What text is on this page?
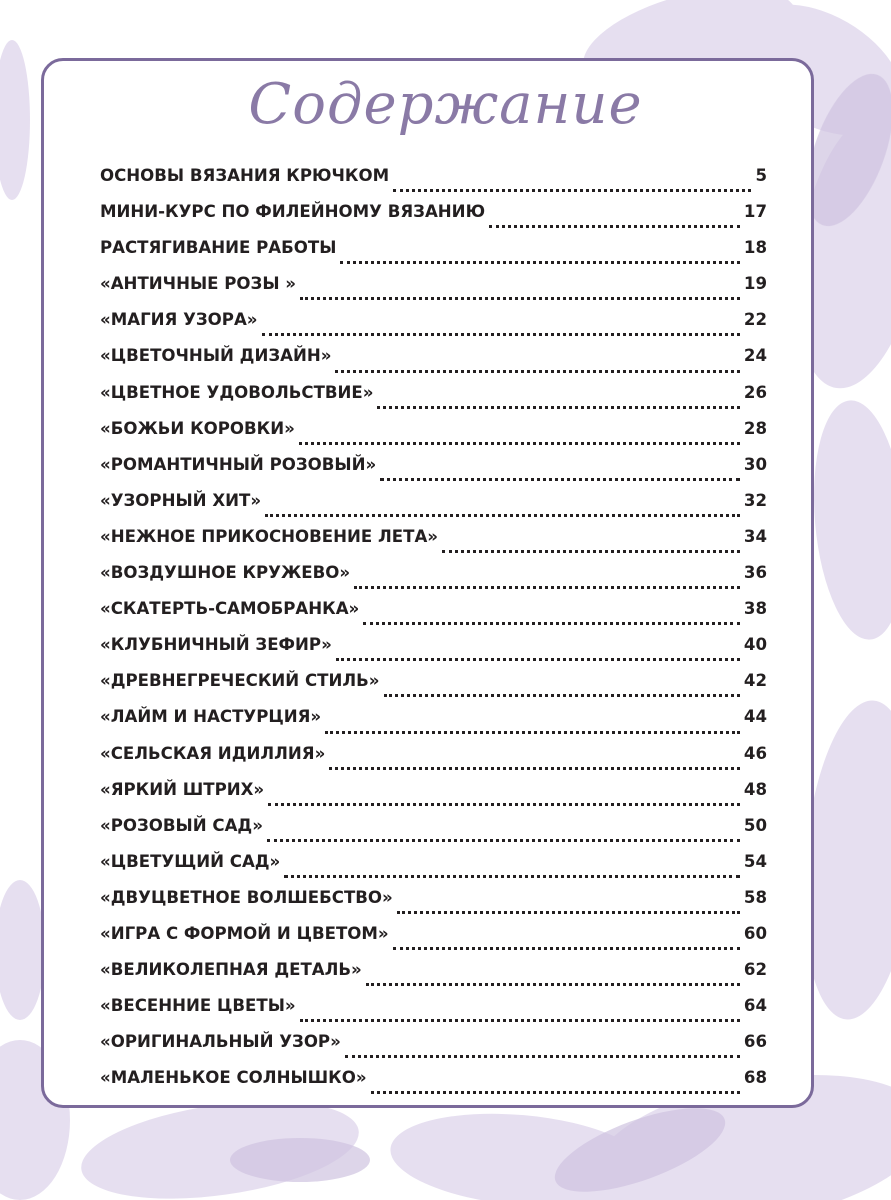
Содержание
ОСНОВЫ ВЯЗАНИЯ КРЮЧКОМ	5
МИНИ-КУРС ПО ФИЛЕЙНОМУ ВЯЗАНИЮ	17
РАСТЯГИВАНИЕ РАБОТЫ	18
«АНТИЧНЫЕ РОЗЫ »	19
«МАГИЯ УЗОРА»	22
«ЦВЕТОЧНЫЙ ДИЗАЙН»	24
«ЦВЕТНОЕ УДОВОЛЬСТВИЕ»	26
«БОЖЬИ КОРОВКИ»	28
«РОМАНТИЧНЫЙ РОЗОВЫЙ»	30
«УЗОРНЫЙ ХИТ»	32
«НЕЖНОЕ ПРИКОСНОВЕНИЕ ЛЕТА»	34
«ВОЗДУШНОЕ КРУЖЕВО»	36
«СКАТЕРТЬ-САМОБРАНКА»	38
«КЛУБНИЧНЫЙ ЗЕФИР»	40
«ДРЕВНЕГРЕЧЕСКИЙ СТИЛЬ»	42
«ЛАЙМ И НАСТУРЦИЯ»	44
«СЕЛЬСКАЯ ИДИЛЛИЯ»	46
«ЯРКИЙ ШТРИХ»	48
«РОЗОВЫЙ САД»	50
«ЦВЕТУЩИЙ САД»	54
«ДВУЦВЕТНОЕ ВОЛШЕБСТВО»	58
«ИГРА С ФОРМОЙ И ЦВЕТОМ»	60
«ВЕЛИКОЛЕПНАЯ ДЕТАЛЬ»	62
«ВЕСЕННИЕ ЦВЕТЫ»	64
«ОРИГИНАЛЬНЫЙ УЗОР»	66
«МАЛЕНЬКОЕ СОЛНЫШКО»	68
